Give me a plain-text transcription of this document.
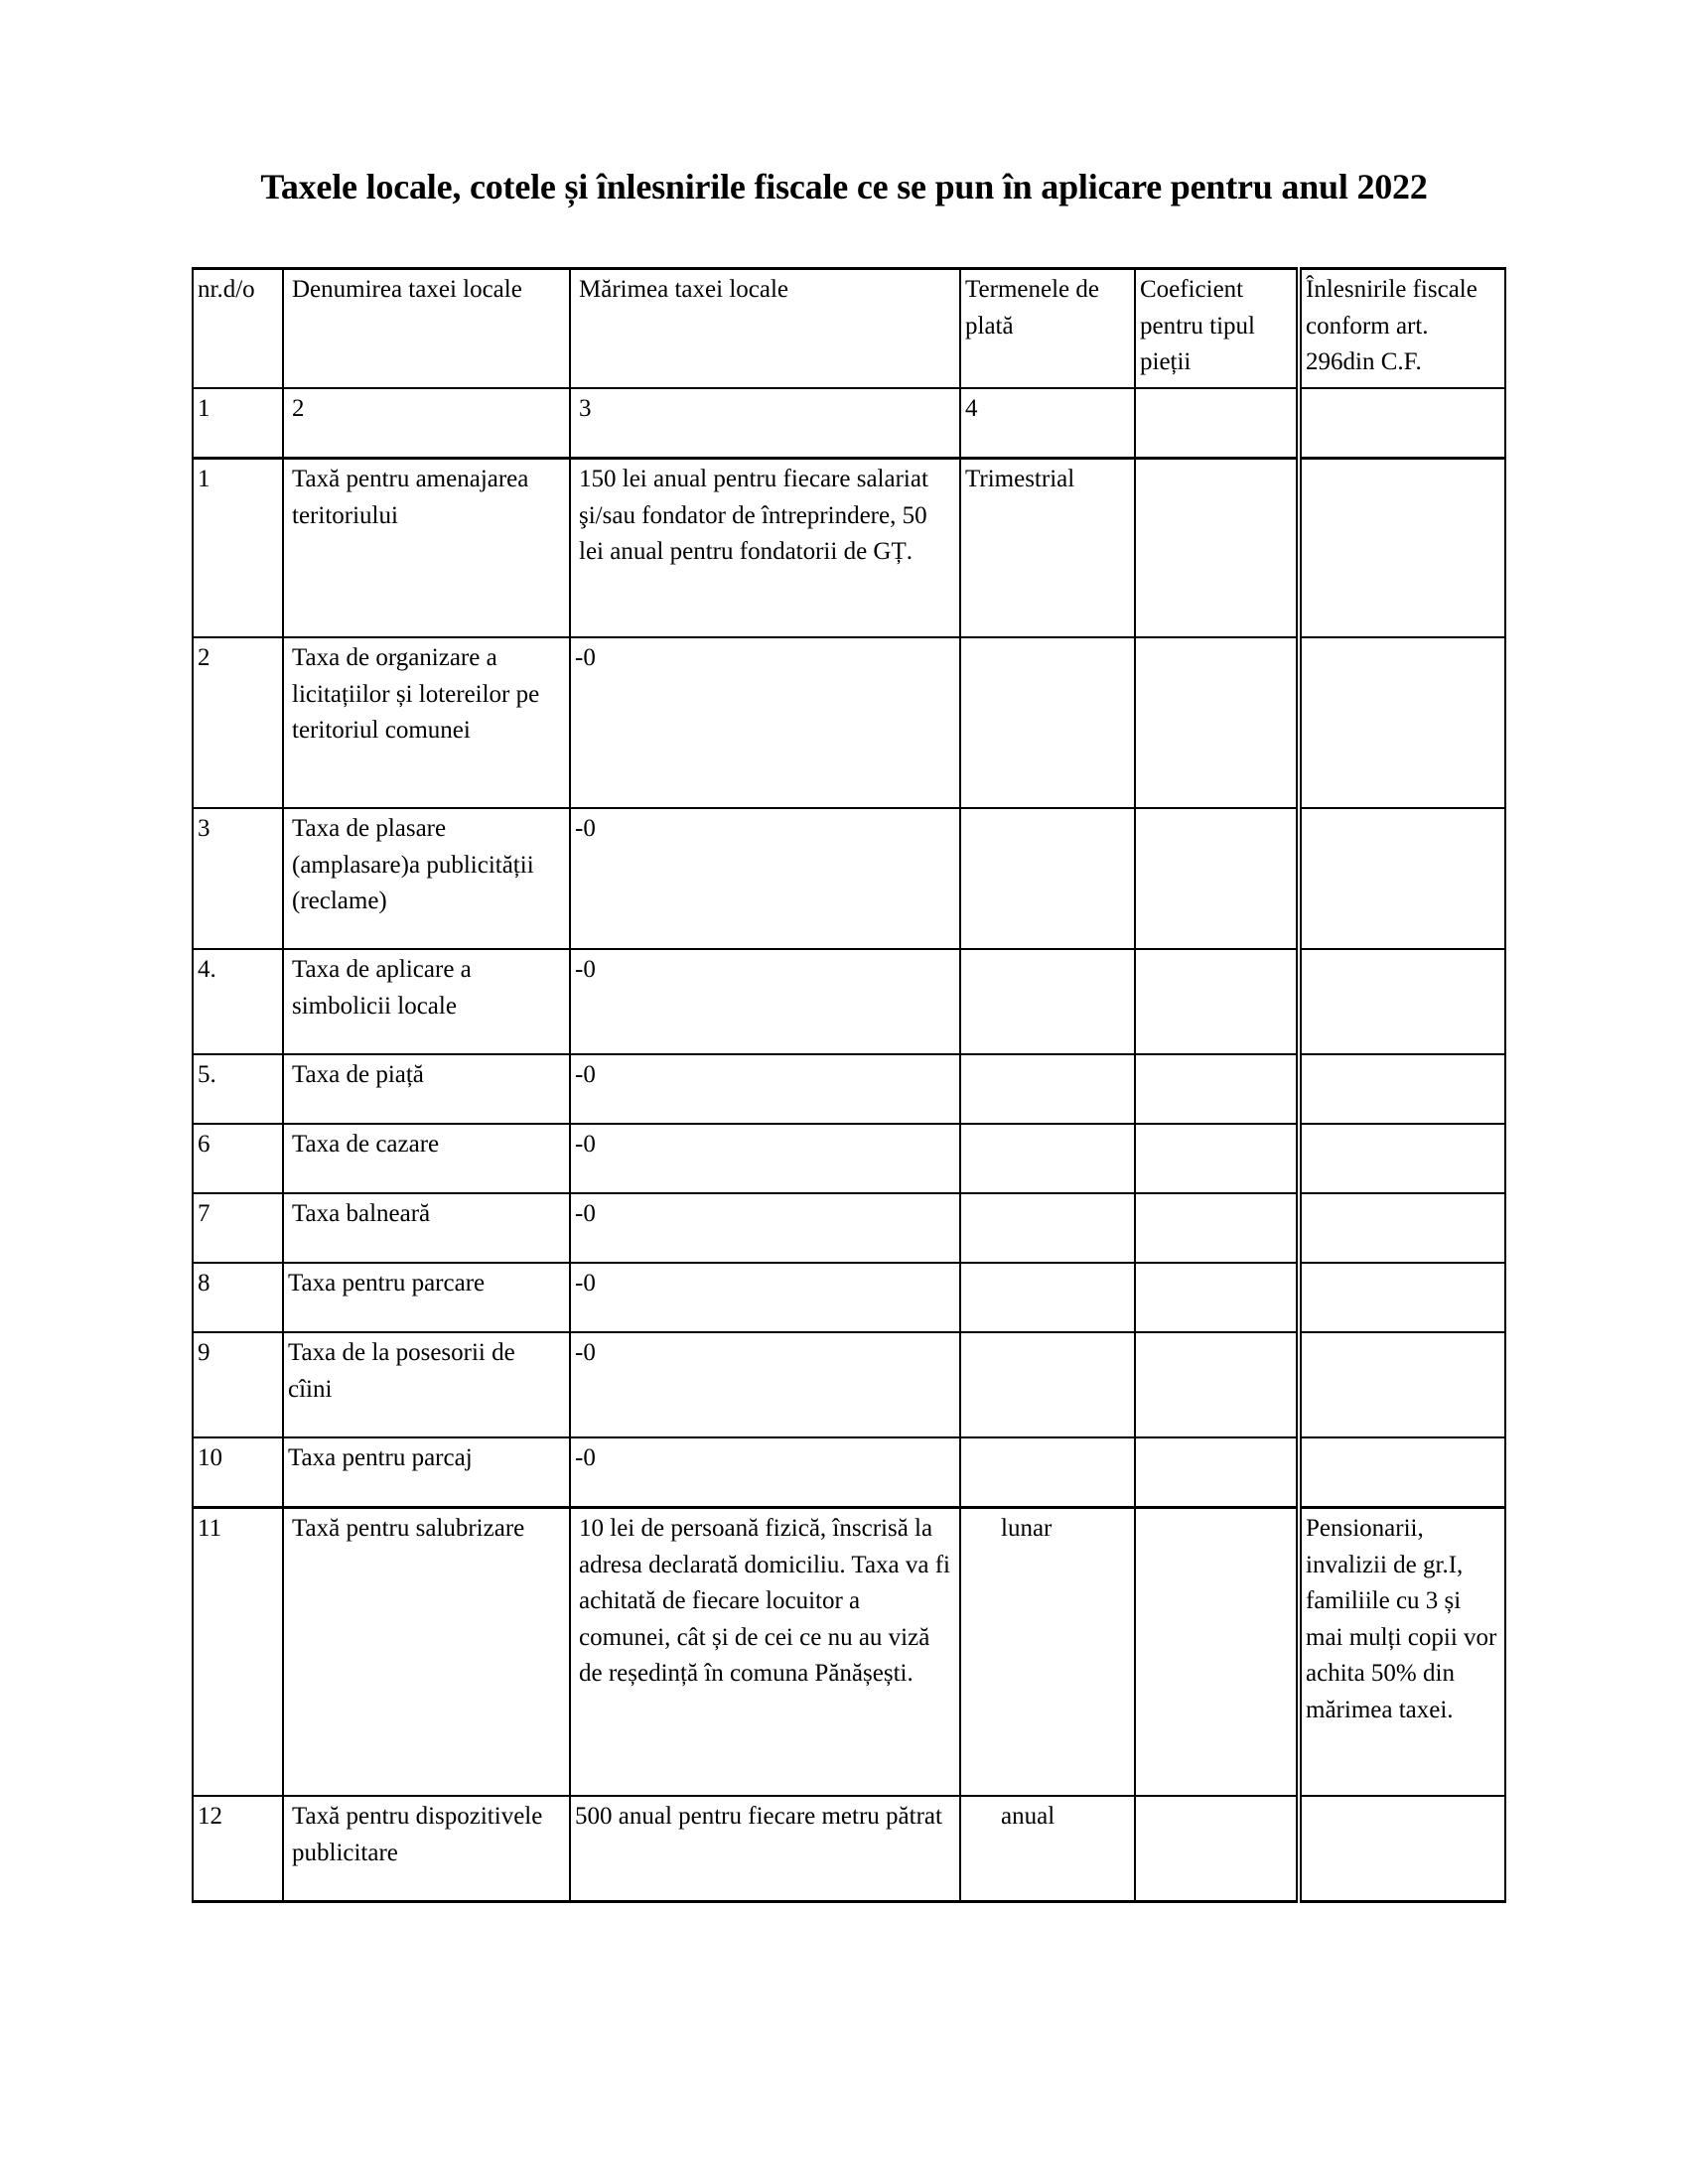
Taxele locale, cotele și înlesnirile fiscale ce se pun în aplicare pentru anul 2022
nr.d/o	Denumirea taxei locale	Mărimea taxei locale	Termenele de plată	Coeficient pentru tipul pieții	Înlesnirile fiscale conform art. 296din C.F.
1	2	3	4		
1	Taxă pentru amenajarea teritoriului	150 lei anual pentru fiecare salariat şi/sau fondator de întreprindere, 50 lei anual pentru fondatorii de GȚ.	Trimestrial		
2	Taxa de organizare a licitațiilor și lotereilor pe teritoriul comunei	-0			
3	Taxa de plasare (amplasare)a publicității (reclame)	-0			
4.	Taxa de aplicare a simbolicii locale	-0			
5.	Taxa de piață	-0			
6	Taxa de cazare	-0			
7	Taxa balneară	-0			
8	Taxa pentru parcare	-0			
9	Taxa de la posesorii de cîini	-0			
10	Taxa pentru parcaj	-0			
11	Taxă pentru salubrizare	10 lei de persoană fizică, înscrisă la adresa declarată domiciliu. Taxa va fi achitată de fiecare locuitor a comunei, cât și de cei ce nu au viză de reședință în comuna Pănășești.	lunar		Pensionarii, invalizii de gr.I, familiile cu 3 și mai mulți copii vor achita 50% din mărimea taxei.
12	Taxă pentru dispozitivele publicitare	500 anual pentru fiecare metru pătrat	anual		
